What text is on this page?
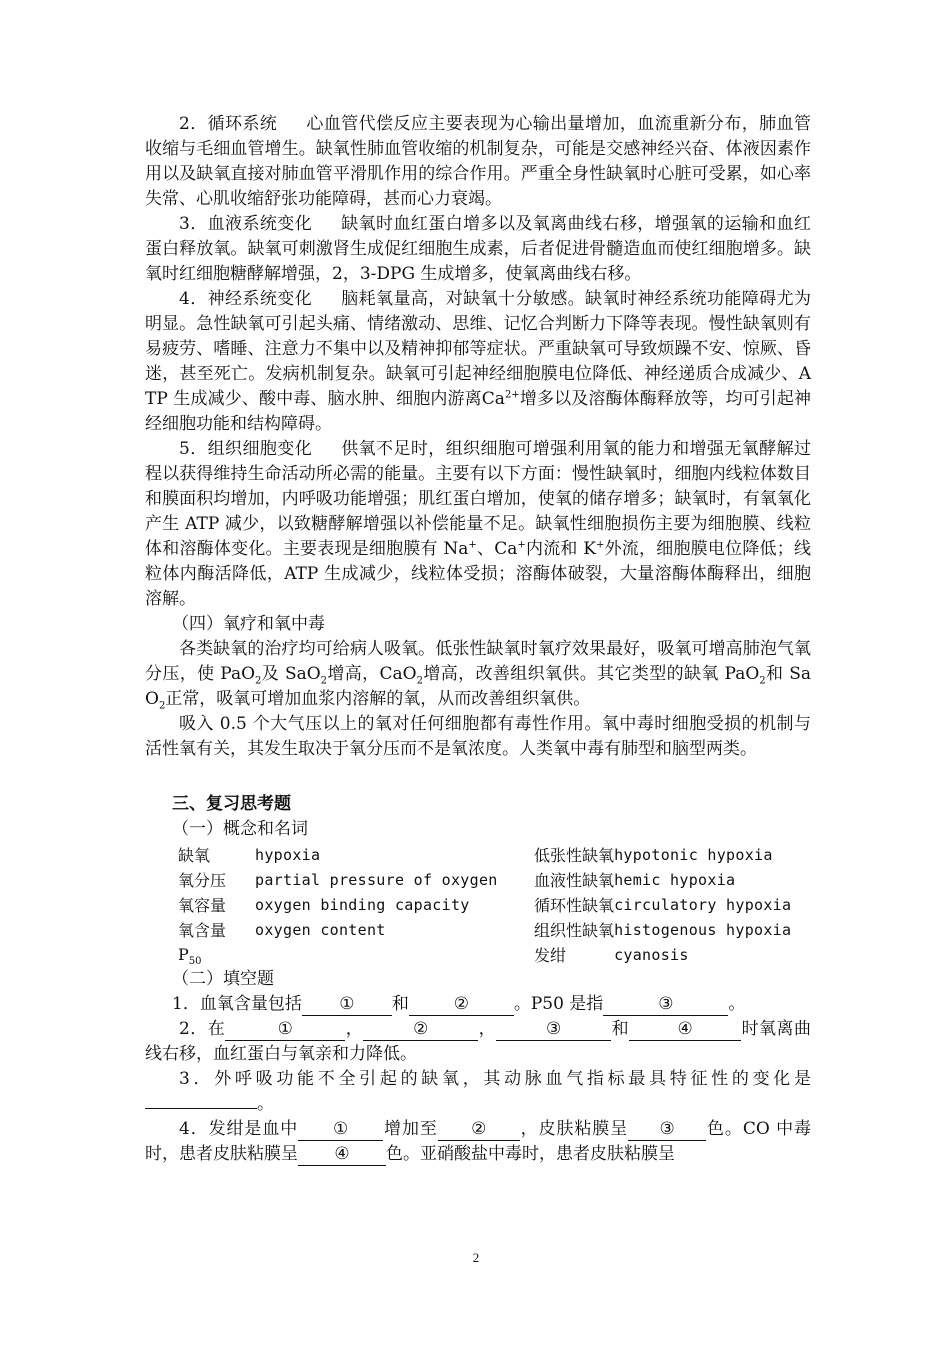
2．循环系统 心血管代偿反应主要表现为心输出量增加，血流重新分布，肺血管收缩与毛细血管增生。缺氧性肺血管收缩的机制复杂，可能是交感神经兴奋、体液因素作用以及缺氧直接对肺血管平滑肌作用的综合作用。严重全身性缺氧时心脏可受累，如心率失常、心肌收缩舒张功能障碍，甚而心力衰竭。

3．血液系统变化 缺氧时血红蛋白增多以及氧离曲线右移，增强氧的运输和血红蛋白释放氧。缺氧可刺激肾生成促红细胞生成素，后者促进骨髓造血而使红细胞增多。缺氧时红细胞糖酵解增强，2，3-DPG 生成增多，使氧离曲线右移。

4．神经系统变化 脑耗氧量高，对缺氧十分敏感。缺氧时神经系统功能障碍尤为明显。急性缺氧可引起头痛、情绪激动、思维、记忆合判断力下降等表现。慢性缺氧则有易疲劳、嗜睡、注意力不集中以及精神抑郁等症状。严重缺氧可导致烦躁不安、惊厥、昏迷，甚至死亡。发病机制复杂。缺氧可引起神经细胞膜电位降低、神经递质合成减少、ATP 生成减少、酸中毒、脑水肿、细胞内游离$Ca^{2+}$增多以及溶酶体酶释放等，均可引起神经细胞功能和结构障碍。

5．组织细胞变化 供氧不足时，组织细胞可增强利用氧的能力和增强无氧酵解过程以获得维持生命活动所必需的能量。主要有以下方面：慢性缺氧时，细胞内线粒体数目和膜面积均增加，内呼吸功能增强；肌红蛋白增加，使氧的储存增多；缺氧时，有氧氧化产生 ATP 减少，以致糖酵解增强以补偿能量不足。缺氧性细胞损伤主要为细胞膜、线粒体和溶酶体变化。主要表现是细胞膜有 Na+、Ca+内流和 K+外流，细胞膜电位降低；线粒体内酶活降低，ATP 生成减少，线粒体受损；溶酶体破裂，大量溶酶体酶释出，细胞溶解。

（四）氧疗和氧中毒

各类缺氧的治疗均可给病人吸氧。低张性缺氧时氧疗效果最好，吸氧可增高肺泡气氧分压，使 PaO$_2$及 SaO$_2$增高，CaO$_2$增高，改善组织氧供。其它类型的缺氧 PaO$_2$和 SaO$_2$正常，吸氧可增加血浆内溶解的氧，从而改善组织氧供。

吸入 0.5 个大气压以上的氧对任何细胞都有毒性作用。氧中毒时细胞受损的机制与活性氧有关，其发生取决于氧分压而不是氧浓度。人类氧中毒有肺型和脑型两类。

三、复习思考题

（一）概念和名词

缺氧	hypoxia	低张性缺氧	hypotonic hypoxia
氧分压	partial pressure of oxygen	血液性缺氧	hemic hypoxia
氧容量	oxygen binding capacity	循环性缺氧	circulatory hypoxia
氧含量	oxygen content	组织性缺氧	histogenous hypoxia
$P_{50}$		发绀	cyanosis

（二）填空题

1．血氧含量包括 ① 和	②	。P50 是指	③	。

2．在	①	，	②	，	③	和	④	时氧离曲线右移，血红蛋白与氧亲和力降低。

3．外呼吸功能不全引起的缺氧，其动脉血气指标最具特征性的变化是。

4．发绀是血中 ① 增加至 ② ，皮肤粘膜呈 ③ 色。CO 中毒时，患者皮肤粘膜呈 ④ 色。亚硝酸盐中毒时，患者皮肤粘膜呈

2
